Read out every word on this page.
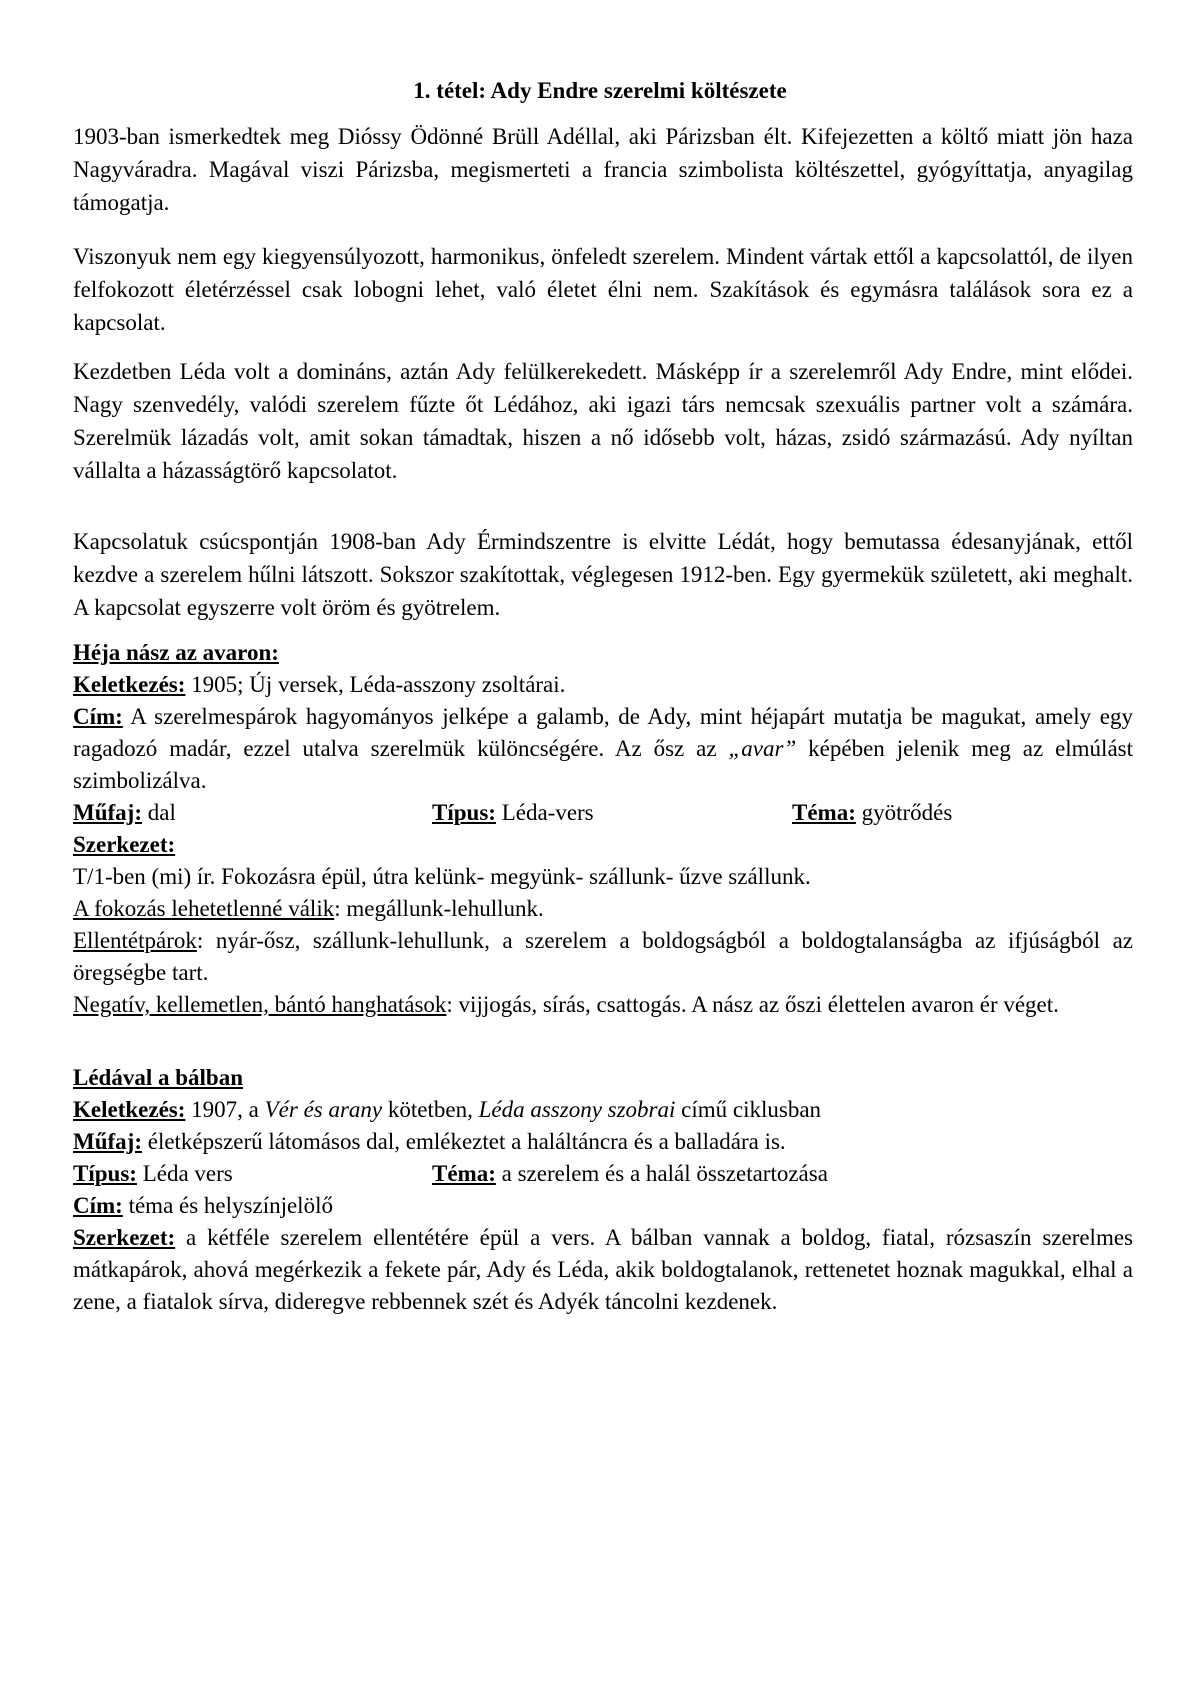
1. tétel: Ady Endre szerelmi költészete

1903-ban ismerkedtek meg Dióssy Ödönné Brüll Adéllal, aki Párizsban élt. Kifejezetten a költő miatt jön haza Nagyváradra. Magával viszi Párizsba, megismerteti a francia szimbolista költészettel, gyógyíttatja, anyagilag támogatja.

Viszonyuk nem egy kiegyensúlyozott, harmonikus, önfeledt szerelem. Mindent vártak ettől a kapcsolattól, de ilyen felfokozott életérzéssel csak lobogni lehet, való életet élni nem. Szakítások és egymásra találások sora ez a kapcsolat.

Kezdetben Léda volt a domináns, aztán Ady felülkerekedett. Másképp ír a szerelemről Ady Endre, mint elődei. Nagy szenvedély, valódi szerelem fűzte őt Lédához, aki igazi társ nemcsak szexuális partner volt a számára. Szerelmük lázadás volt, amit sokan támadtak, hiszen a nő idősebb volt, házas, zsidó származású. Ady nyíltan vállalta a házasságtörő kapcsolatot.

Kapcsolatuk csúcspontján 1908-ban Ady Érmindszentre is elvitte Lédát, hogy bemutassa édesanyjának, ettől kezdve a szerelem hűlni látszott. Sokszor szakítottak, véglegesen 1912-ben. Egy gyermekük született, aki meghalt. A kapcsolat egyszerre volt öröm és gyötrelem.

Héja nász az avaron:
Keletkezés: 1905; Új versek, Léda-asszony zsoltárai.
Cím: A szerelmespárok hagyományos jelképe a galamb, de Ady, mint héjapárt mutatja be magukat, amely egy ragadozó madár, ezzel utalva szerelmük különcségére. Az ősz az „avar” képében jelenik meg az elmúlást szimbolizálva.
Műfaj: dal	Típus: Léda-vers	Téma: gyötrődés
Szerkezet:
T/1-ben (mi) ír. Fokozásra épül, útra kelünk- megyünk- szállunk- űzve szállunk.
A fokozás lehetetlenné válik: megállunk-lehullunk.
Ellentétpárok: nyár-ősz, szállunk-lehullunk, a szerelem a boldogságból a boldogtalanságba az ifjúságból az öregségbe tart.
Negatív, kellemetlen, bántó hanghatások: vijjogás, sírás, csattogás. A nász az őszi élettelen avaron ér véget.
Lédával a bálban
Keletkezés: 1907, a Vér és arany kötetben, Léda asszony szobrai című ciklusban
Műfaj: életképszerű látomásos dal, emlékeztet a haláltáncra és a balladára is.
Típus: Léda vers	Téma: a szerelem és a halál összetartozása
Cím: téma és helyszínjelölő
Szerkezet: a kétféle szerelem ellentétére épül a vers. A bálban vannak a boldog, fiatal, rózsaszín szerelmes mátkapárok, ahová megérkezik a fekete pár, Ady és Léda, akik boldogtalanok, rettenetet hoznak magukkal, elhal a zene, a fiatalok sírva, dideregve rebbennek szét és Adyék táncolni kezdenek.
